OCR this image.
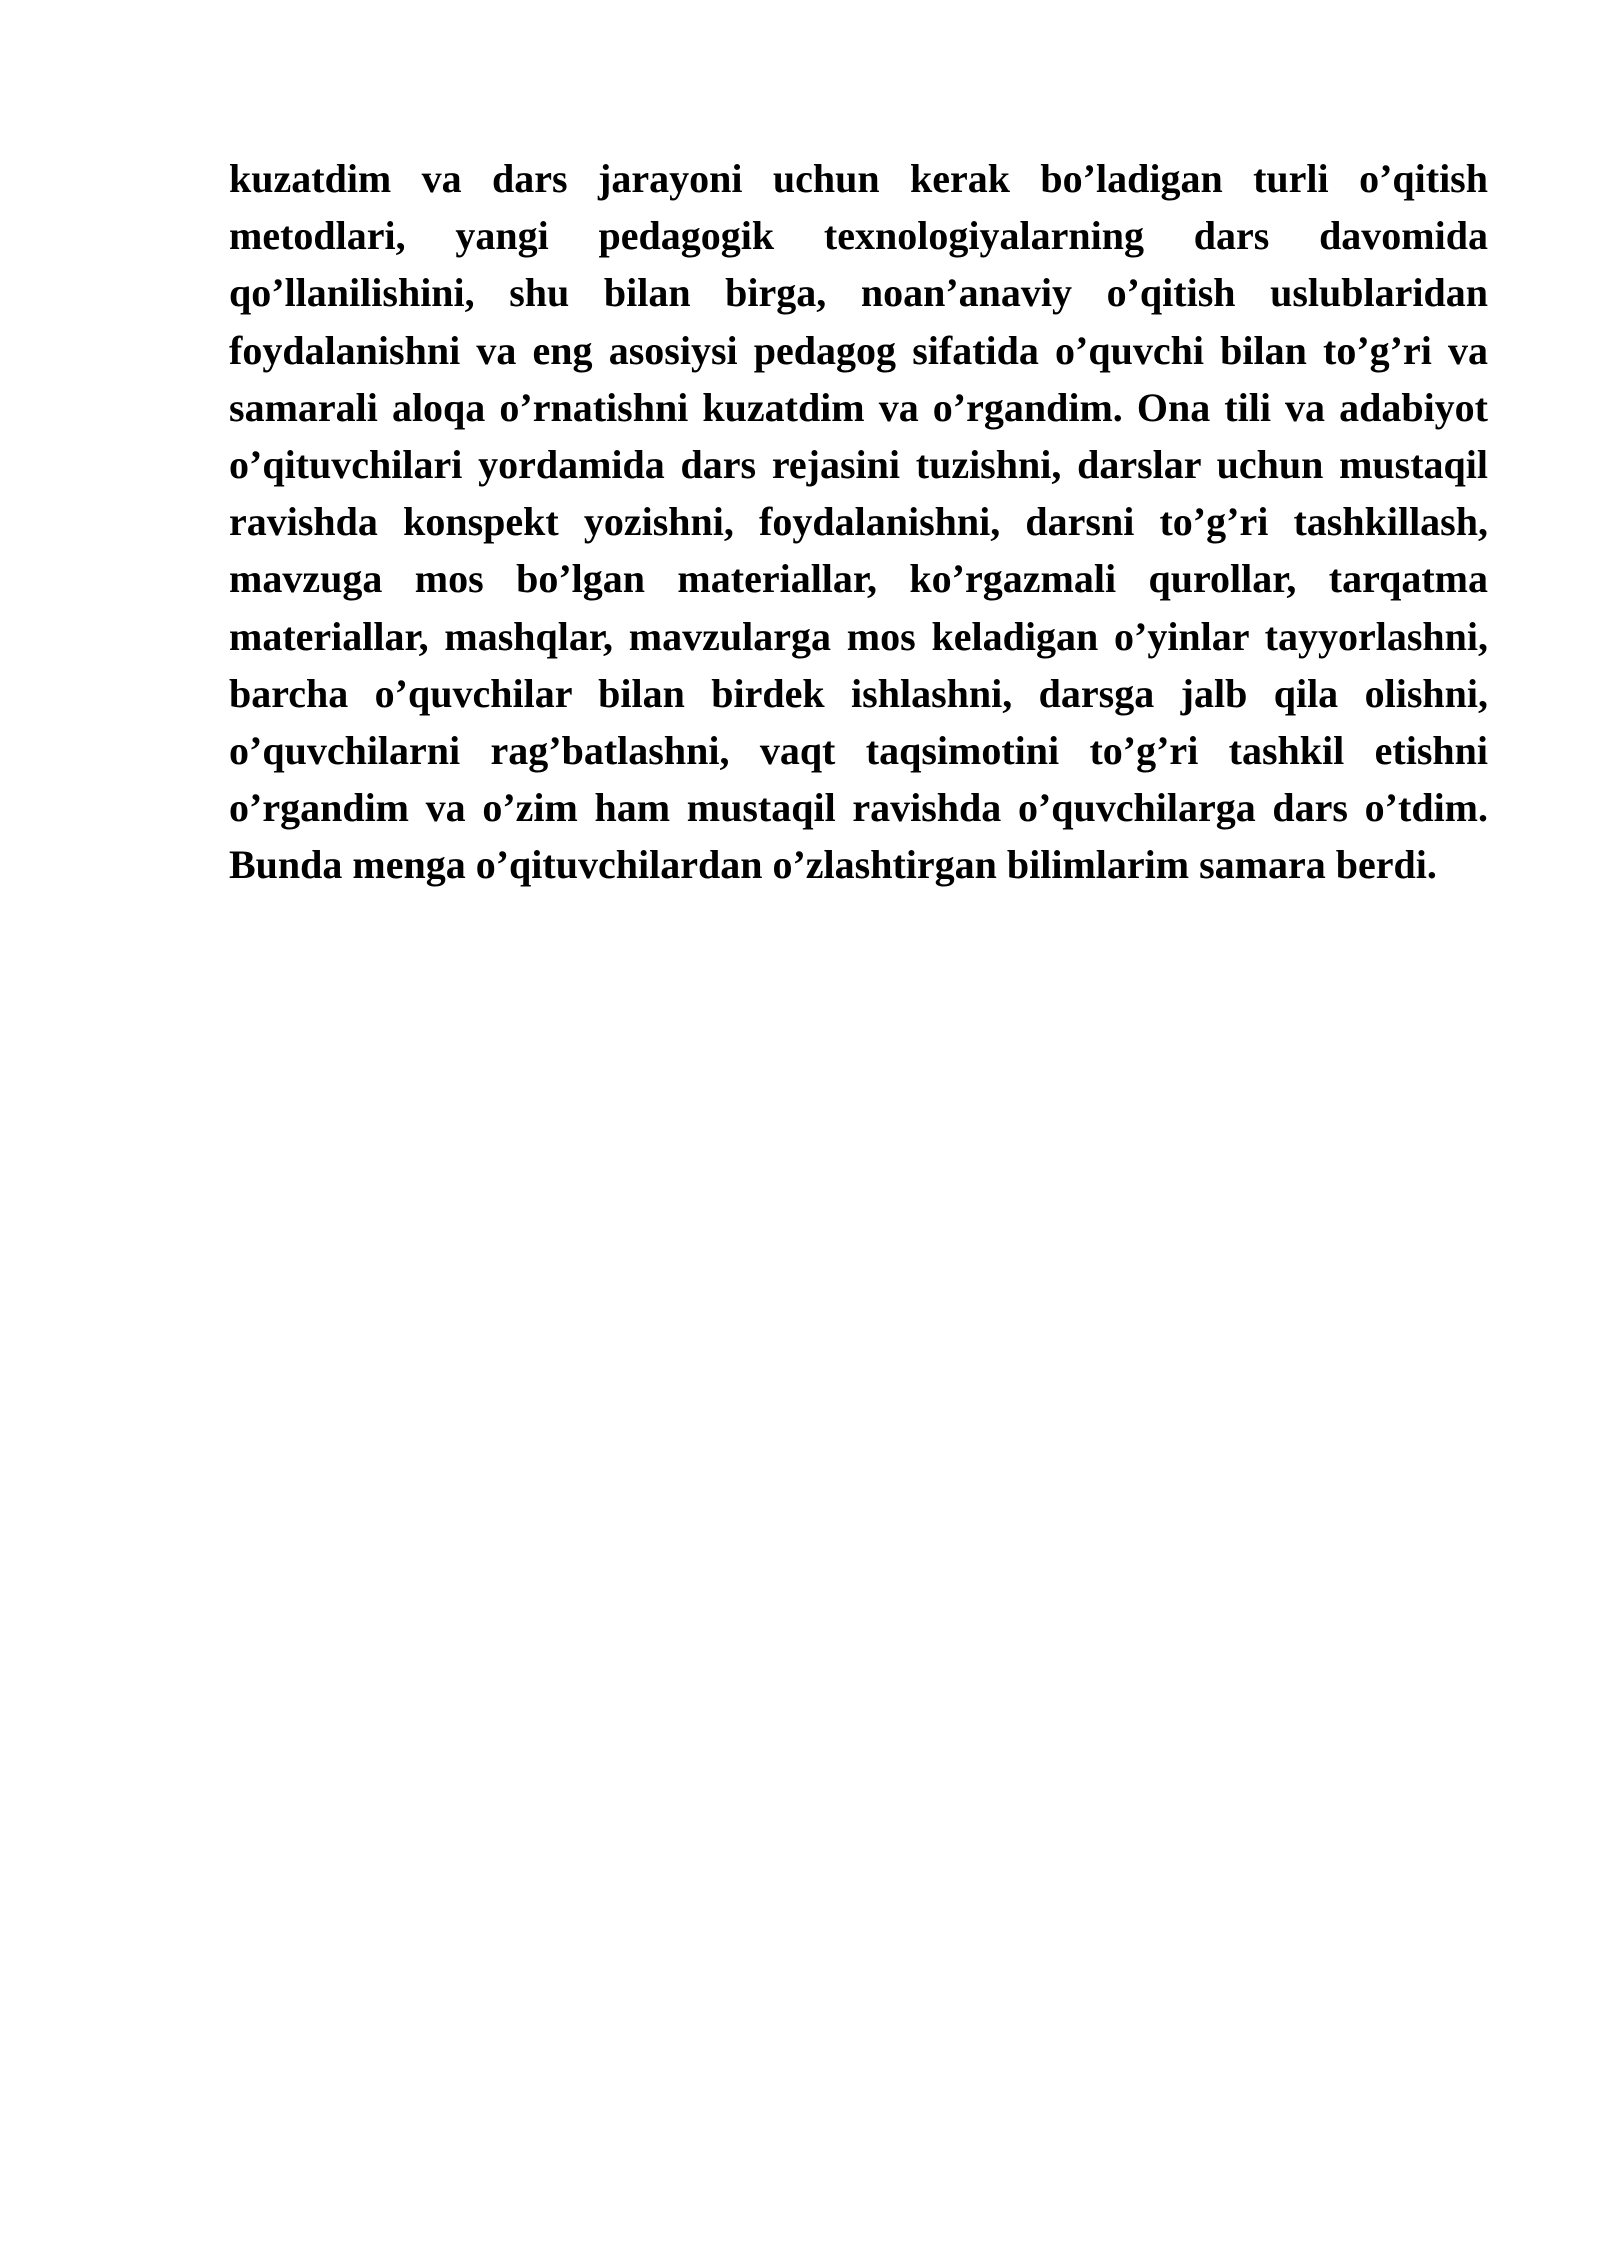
kuzatdim va dars jarayoni uchun kerak bo’ladigan turli o’qitish metodlari, yangi pedagogik texnologiyalarning dars davomida qo’llanilishini, shu bilan birga, noan’anaviy o’qitish uslublaridan foydalanishni va eng asosiysi pedagog sifatida o’quvchi bilan to’g’ri va samarali aloqa o’rnatishni kuzatdim va o’rgandim. Ona tili va adabiyot o’qituvchilari yordamida dars rejasini tuzishni, darslar uchun mustaqil ravishda konspekt yozishni, foydalanishni, darsni to’g’ri tashkillash, mavzuga mos bo’lgan materiallar, ko’rgazmali qurollar, tarqatma materiallar, mashqlar, mavzularga mos keladigan o’yinlar tayyorlashni, barcha o’quvchilar bilan birdek ishlashni, darsga jalb qila olishni, o’quvchilarni rag’batlashni, vaqt taqsimotini to’g’ri tashkil etishni o’rgandim va o’zim ham mustaqil ravishda o’quvchilarga dars o’tdim. Bunda menga o’qituvchilardan o’zlashtirgan bilimlarim samara berdi.
